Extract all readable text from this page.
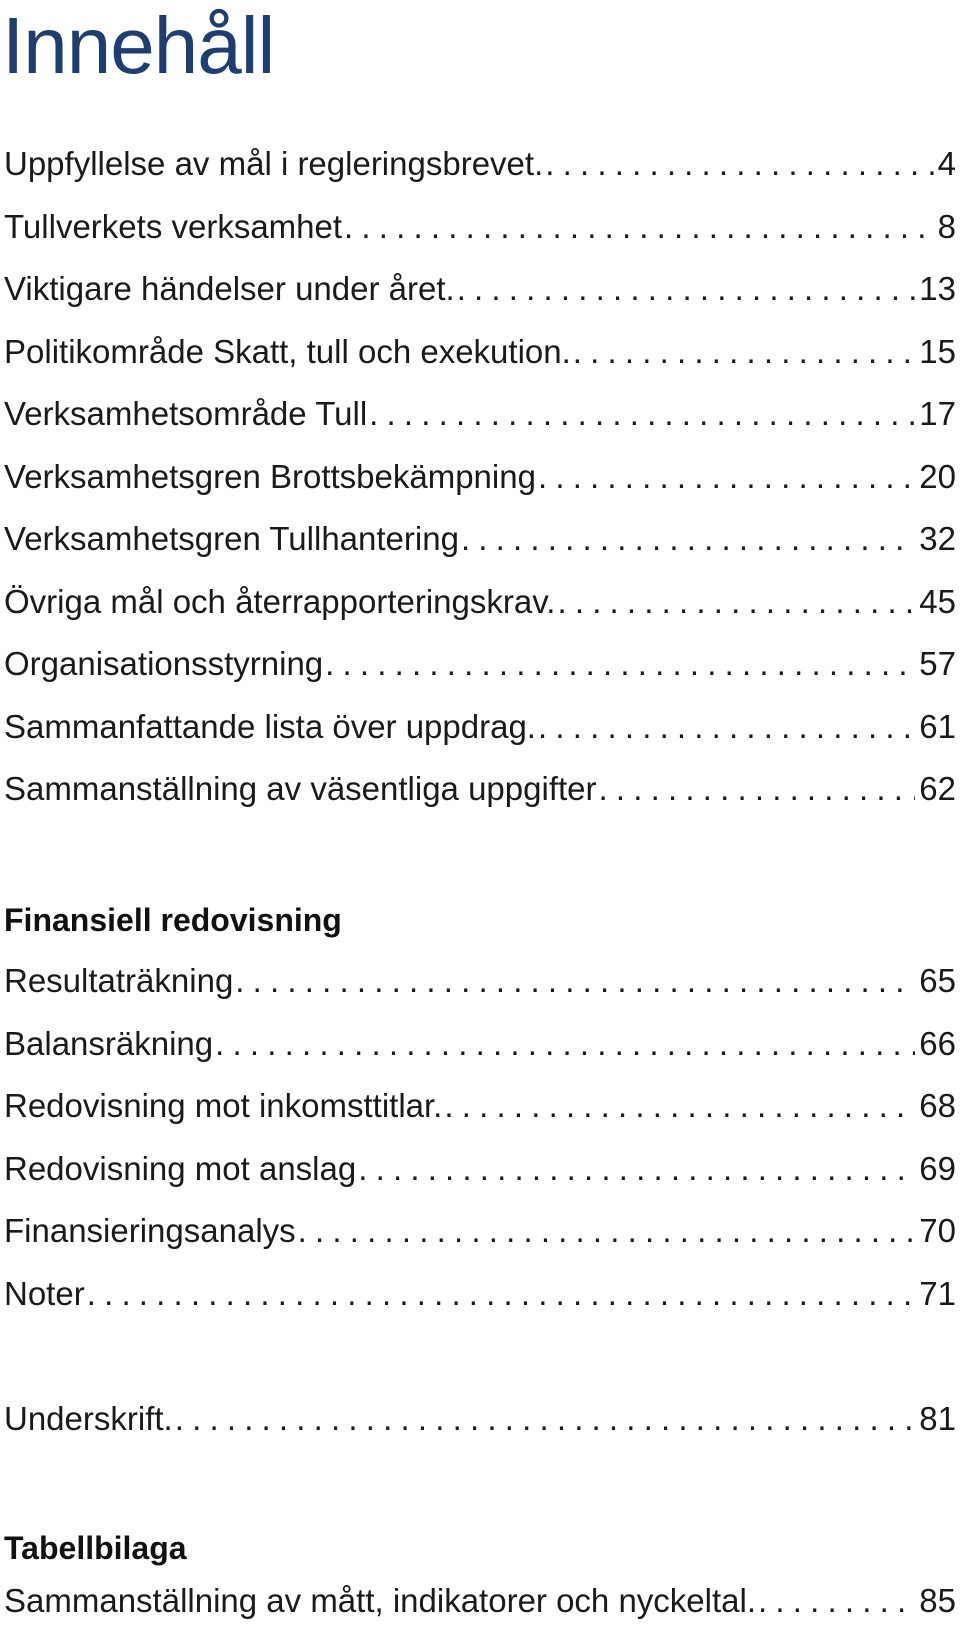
Innehåll
Uppfyllelse av mål i regleringsbrevet. .....	4
Tullverkets verksamhet .....	8
Viktigare händelser under året. .....	13
Politikområde Skatt, tull och exekution. .....	15
Verksamhetsområde Tull .....	17
Verksamhetsgren Brottsbekämpning .....	20
Verksamhetsgren Tullhantering .....	32
Övriga mål och återrapporteringskrav. .....	45
Organisationsstyrning .....	57
Sammanfattande lista över uppdrag. .....	61
Sammanställning av väsentliga uppgifter .....	62
Finansiell redovisning
Resultaträkning .....	65
Balansräkning .....	66
Redovisning mot inkomsttitlar. .....	68
Redovisning mot anslag .....	69
Finansieringsanalys .....	70
Noter .....	71
Underskrift. .....	81
Tabellbilaga
Sammanställning av mått, indikatorer och nyckeltal. .....	85
